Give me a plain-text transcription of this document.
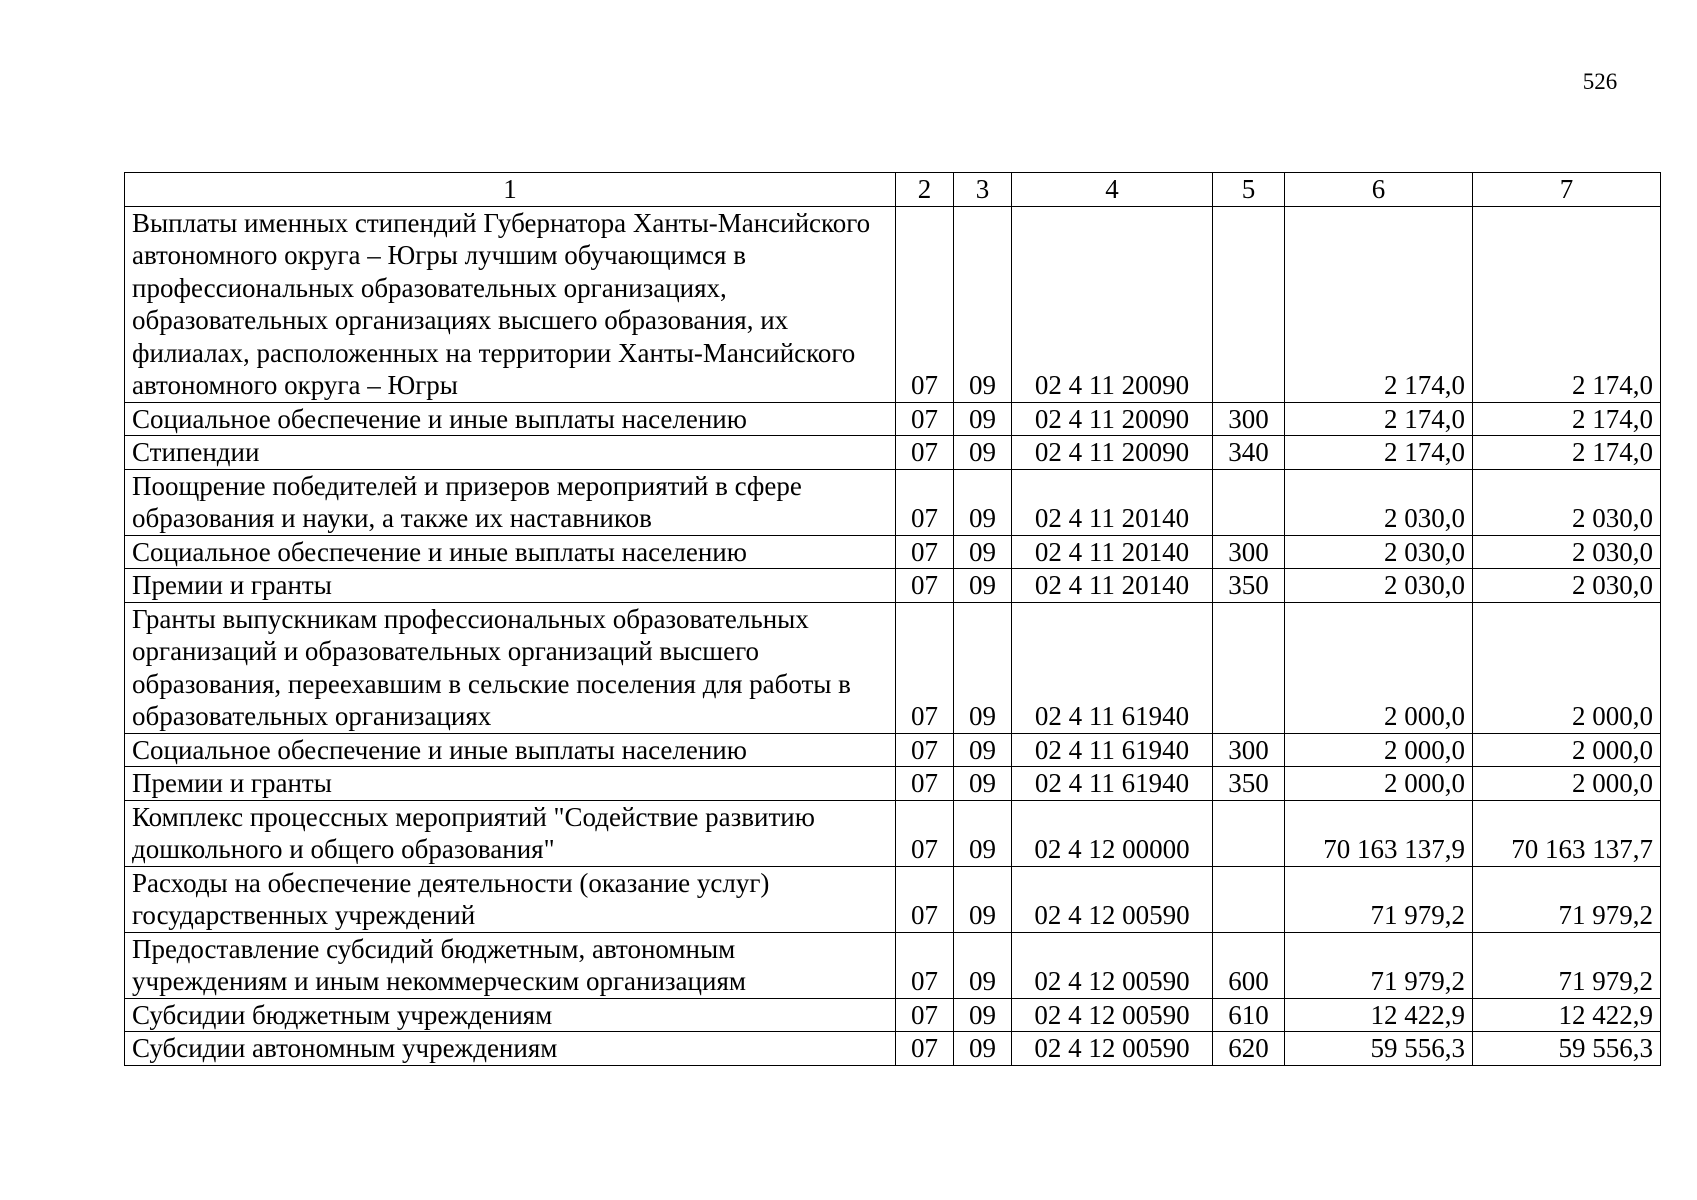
526
1	2	3	4	5	6	7
Выплаты именных стипендий Губернатора Ханты-Мансийского автономного округа – Югры лучшим обучающимся в профессиональных образовательных организациях, образовательных организациях высшего образования, их филиалах, расположенных на территории Ханты-Мансийского автономного округа – Югры	07	09	02 4 11 20090		2 174,0	2 174,0
Социальное обеспечение и иные выплаты населению	07	09	02 4 11 20090	300	2 174,0	2 174,0
Стипендии	07	09	02 4 11 20090	340	2 174,0	2 174,0
Поощрение победителей и призеров мероприятий в сфере образования и науки, а также их наставников	07	09	02 4 11 20140		2 030,0	2 030,0
Социальное обеспечение и иные выплаты населению	07	09	02 4 11 20140	300	2 030,0	2 030,0
Премии и гранты	07	09	02 4 11 20140	350	2 030,0	2 030,0
Гранты выпускникам профессиональных образовательных организаций и образовательных организаций высшего образования, переехавшим в сельские поселения для работы в образовательных организациях	07	09	02 4 11 61940		2 000,0	2 000,0
Социальное обеспечение и иные выплаты населению	07	09	02 4 11 61940	300	2 000,0	2 000,0
Премии и гранты	07	09	02 4 11 61940	350	2 000,0	2 000,0
Комплекс процессных мероприятий "Содействие развитию дошкольного и общего образования"	07	09	02 4 12 00000		70 163 137,9	70 163 137,7
Расходы на обеспечение деятельности (оказание услуг) государственных учреждений	07	09	02 4 12 00590		71 979,2	71 979,2
Предоставление субсидий бюджетным, автономным учреждениям и иным некоммерческим организациям	07	09	02 4 12 00590	600	71 979,2	71 979,2
Субсидии бюджетным учреждениям	07	09	02 4 12 00590	610	12 422,9	12 422,9
Субсидии автономным учреждениям	07	09	02 4 12 00590	620	59 556,3	59 556,3
